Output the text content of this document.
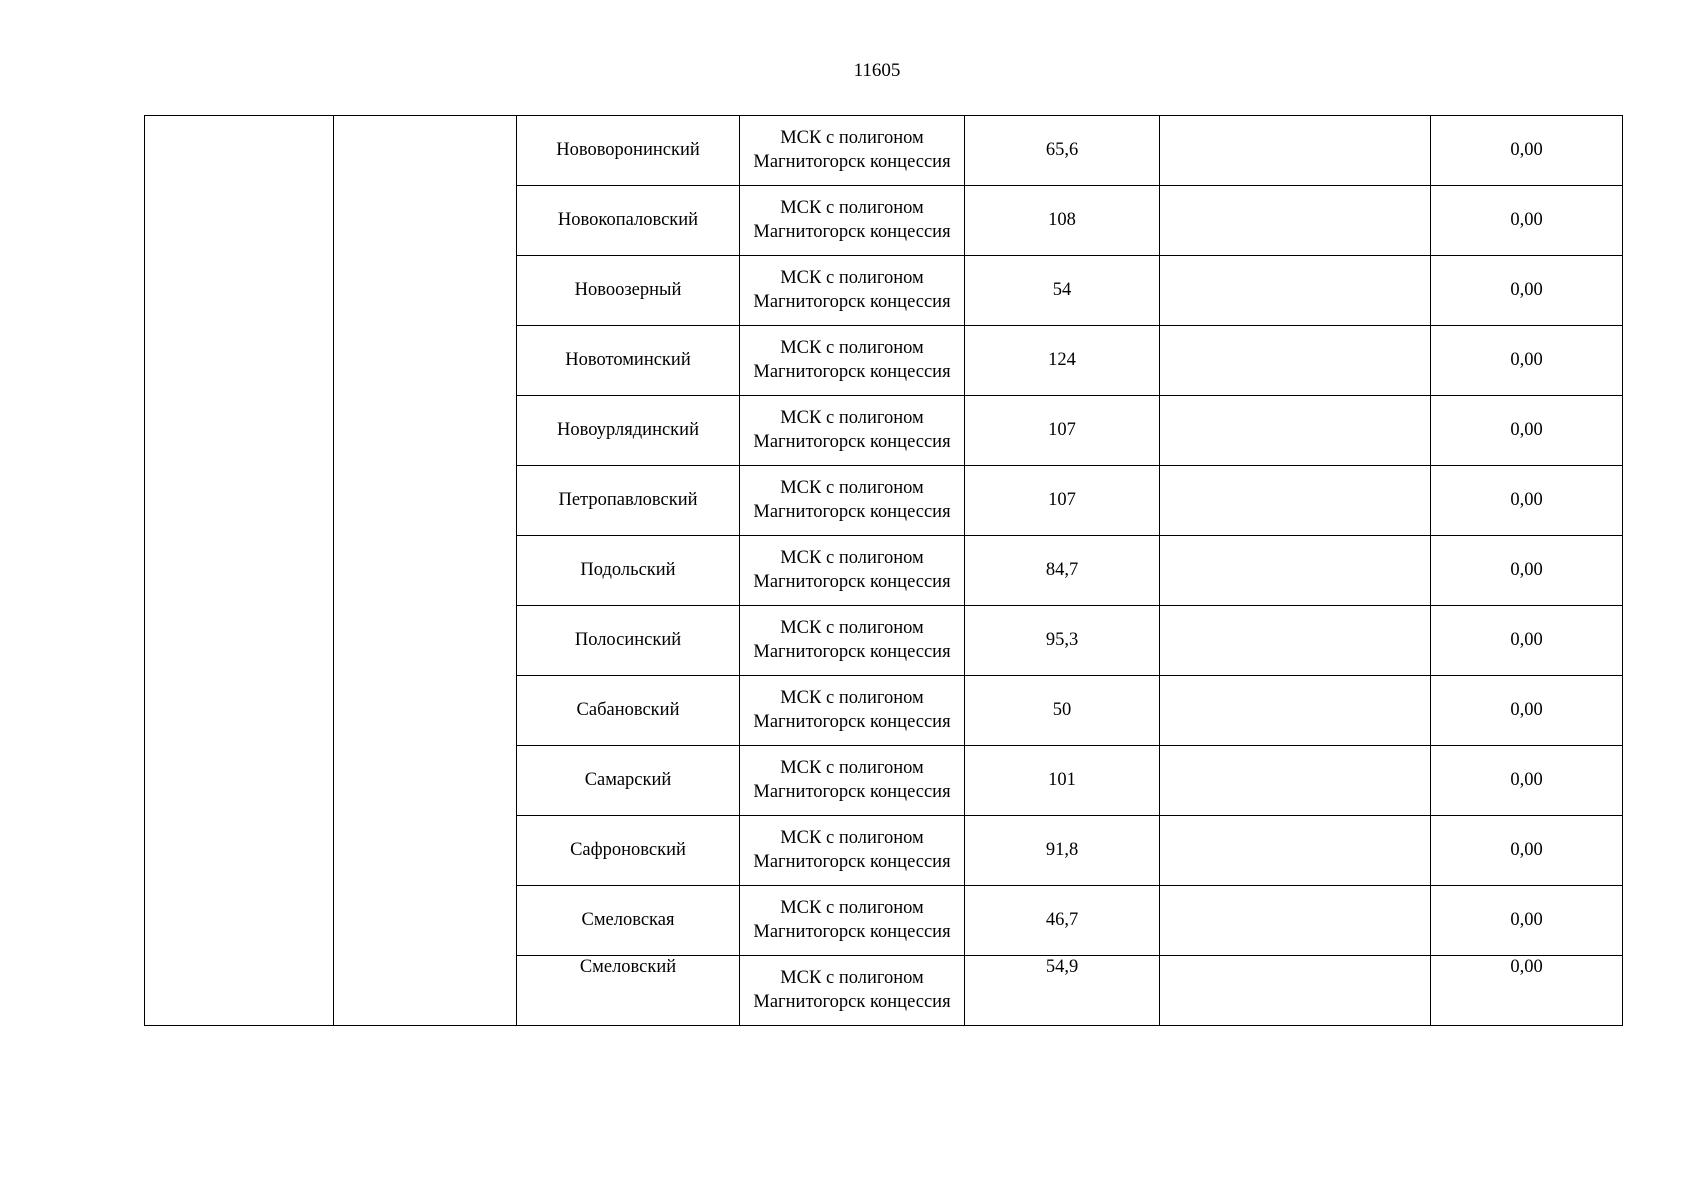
11605
		Нововоронинский	МСК с полигоном Магнитогорск концессия	65,6		0,00
		Новокопаловский	МСК с полигоном Магнитогорск концессия	108		0,00
		Новоозерный	МСК с полигоном Магнитогорск концессия	54		0,00
		Новотоминский	МСК с полигоном Магнитогорск концессия	124		0,00
		Новоурлядинский	МСК с полигоном Магнитогорск концессия	107		0,00
		Петропавловский	МСК с полигоном Магнитогорск концессия	107		0,00
		Подольский	МСК с полигоном Магнитогорск концессия	84,7		0,00
		Полосинский	МСК с полигоном Магнитогорск концессия	95,3		0,00
		Сабановский	МСК с полигоном Магнитогорск концессия	50		0,00
		Самарский	МСК с полигоном Магнитогорск концессия	101		0,00
		Сафроновский	МСК с полигоном Магнитогорск концессия	91,8		0,00
		Смеловская	МСК с полигоном Магнитогорск концессия	46,7		0,00
		Смеловский	МСК с полигоном Магнитогорск концессия	54,9		0,00
